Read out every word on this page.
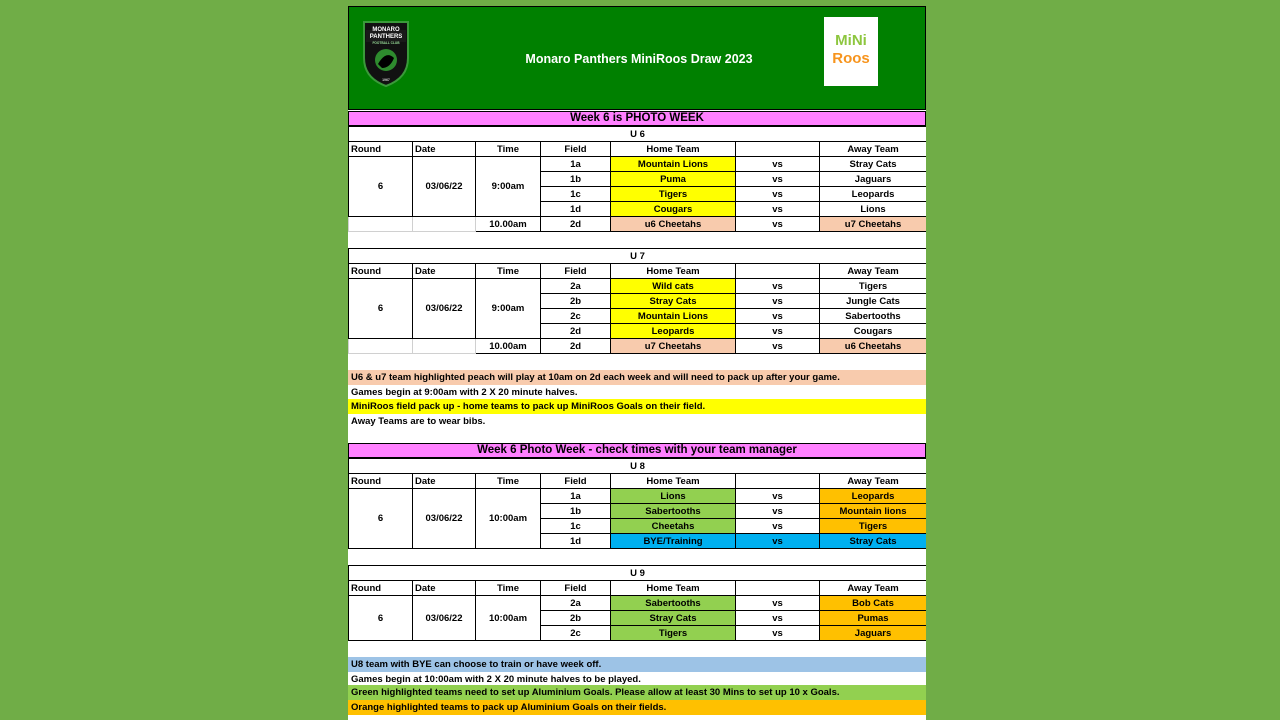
MONARO
PANTHERS
FOOTBALL CLUB
1967
Monaro Panthers MiniRoos Draw 2023
MiNi
Roos
Week 6 is PHOTO WEEK
U 6						
Round	Date	Time	Field	Home Team		Away Team
6	03/06/22	9:00am	1a	Mountain Lions	vs	Stray Cats
			1b	Puma	vs	Jaguars
			1c	Tigers	vs	Leopards
			1d	Cougars	vs	Lions
		10.00am	2d	u6 Cheetahs	vs	u7 Cheetahs
U 7						
Round	Date	Time	Field	Home Team		Away Team
6	03/06/22	9:00am	2a	Wild cats	vs	Tigers
			2b	Stray Cats	vs	Jungle Cats
			2c	Mountain Lions	vs	Sabertooths
			2d	Leopards	vs	Cougars
		10.00am	2d	u7 Cheetahs	vs	u6 Cheetahs
U6 & u7 team highlighted peach will play at 10am on 2d each week and will need to pack up after your game.
Games begin at 9:00am with 2 X 20 minute halves.
MiniRoos field pack up - home teams to pack up MiniRoos Goals on their field.
Away Teams are to wear bibs.
Week 6 Photo Week - check times with your team manager
U 8						
Round	Date	Time	Field	Home Team		Away Team
6	03/06/22	10:00am	1a	Lions	vs	Leopards
			1b	Sabertooths	vs	Mountain lions
			1c	Cheetahs	vs	Tigers
			1d	BYE/Training	vs	Stray Cats
U 9						
Round	Date	Time	Field	Home Team		Away Team
6	03/06/22	10:00am	2a	Sabertooths	vs	Bob Cats
			2b	Stray Cats	vs	Pumas
			2c	Tigers	vs	Jaguars
U8 team with BYE can choose to train or have week off.
Games begin at 10:00am with 2 X 20 minute halves to be played.
Green highlighted teams need to set up Aluminium Goals. Please allow at least 30 Mins to set up 10 x Goals.
Orange highlighted teams to pack up Aluminium Goals on their fields.
